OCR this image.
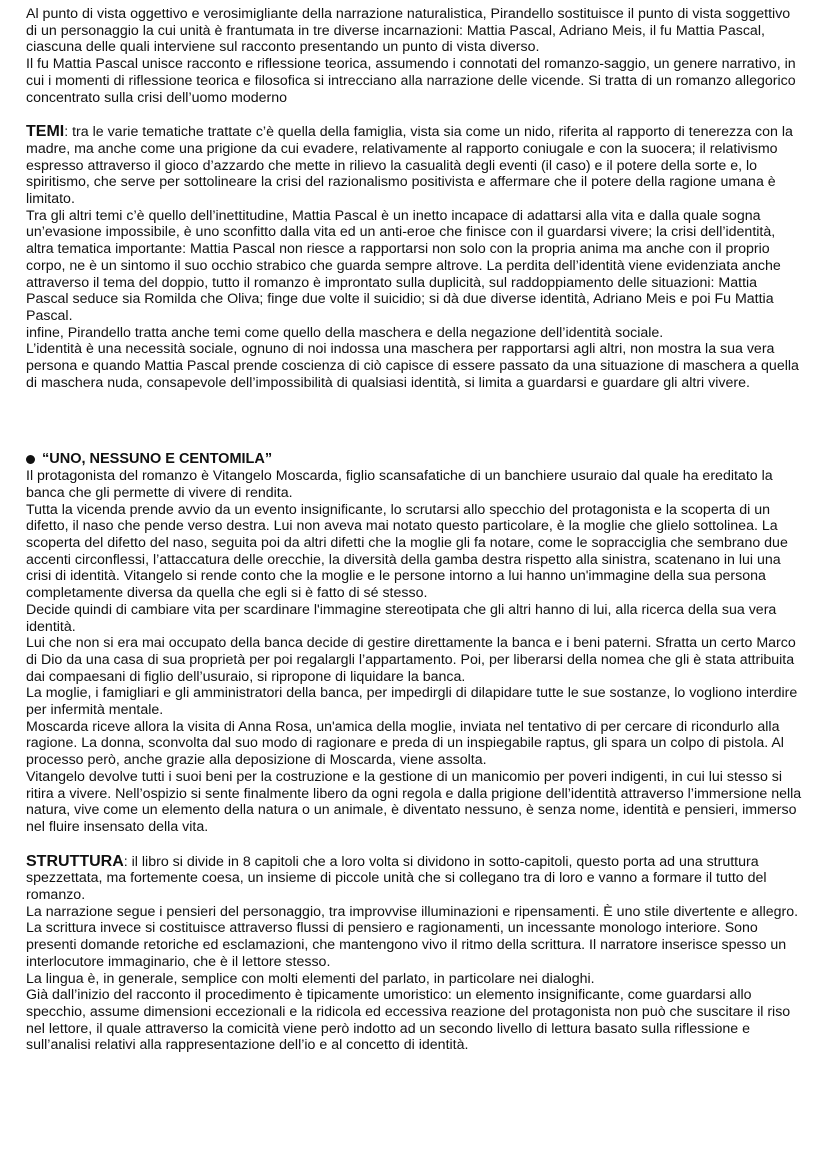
Al punto di vista oggettivo e verosimigliante della narrazione naturalistica, Pirandello sostituisce il punto di vista soggettivo di un personaggio la cui unità è frantumata in tre diverse incarnazioni: Mattia Pascal, Adriano Meis, il fu Mattia Pascal, ciascuna delle quali interviene sul racconto presentando un punto di vista diverso.

Il fu Mattia Pascal unisce racconto e riflessione teorica, assumendo i connotati del romanzo-saggio, un genere narrativo, in cui i momenti di riflessione teorica e filosofica si intrecciano alla narrazione delle vicende. Si tratta di un romanzo allegorico concentrato sulla crisi dell’uomo moderno

TEMI: tra le varie tematiche trattate c’è quella della famiglia, vista sia come un nido, riferita al rapporto di tenerezza con la madre, ma anche come una prigione da cui evadere, relativamente al rapporto coniugale e con la suocera; il relativismo espresso attraverso il gioco d’azzardo che mette in rilievo la casualità degli eventi (il caso) e il potere della sorte e, lo spiritismo, che serve per sottolineare la crisi del razionalismo positivista e affermare che il potere della ragione umana è limitato.

Tra gli altri temi c’è quello dell’inettitudine, Mattia Pascal è un inetto incapace di adattarsi alla vita e dalla quale sogna un’evasione impossibile, è uno sconfitto dalla vita ed un anti-eroe che finisce con il guardarsi vivere; la crisi dell’identità, altra tematica importante: Mattia Pascal non riesce a rapportarsi non solo con la propria anima ma anche con il proprio corpo, ne è un sintomo il suo occhio strabico che guarda sempre altrove. La perdita dell’identità viene evidenziata anche attraverso il tema del doppio, tutto il romanzo è improntato sulla duplicità, sul raddoppiamento delle situazioni: Mattia Pascal seduce sia Romilda che Oliva; finge due volte il suicidio; si dà due diverse identità, Adriano Meis e poi Fu Mattia Pascal.

infine, Pirandello tratta anche temi come quello della maschera e della negazione dell’identità sociale.

L’identità è una necessità sociale, ognuno di noi indossa una maschera per rapportarsi agli altri, non mostra la sua vera persona e quando Mattia Pascal prende coscienza di ciò capisce di essere passato da una situazione di maschera a quella di maschera nuda, consapevole dell’impossibilità di qualsiasi identità, si limita a guardarsi e guardare gli altri vivere.

“UNO, NESSUNO E CENTOMILA”

Il protagonista del romanzo è Vitangelo Moscarda, figlio scansafatiche di un banchiere usuraio dal quale ha ereditato la banca che gli permette di vivere di rendita.

Tutta la vicenda prende avvio da un evento insignificante, lo scrutarsi allo specchio del protagonista e la scoperta di un difetto, il naso che pende verso destra. Lui non aveva mai notato questo particolare, è la moglie che glielo sottolinea. La scoperta del difetto del naso, seguita poi da altri difetti che la moglie gli fa notare, come le sopracciglia che sembrano due accenti circonflessi, l’attaccatura delle orecchie, la diversità della gamba destra rispetto alla sinistra, scatenano in lui una crisi di identità. Vitangelo si rende conto che la moglie e le persone intorno a lui hanno un'immagine della sua persona completamente diversa da quella che egli si è fatto di sé stesso.

Decide quindi di cambiare vita per scardinare l'immagine stereotipata che gli altri hanno di lui, alla ricerca della sua vera identità.

Lui che non si era mai occupato della banca decide di gestire direttamente la banca e i beni paterni. Sfratta un certo Marco di Dio da una casa di sua proprietà per poi regalargli l’appartamento. Poi, per liberarsi della nomea che gli è stata attribuita dai compaesani di figlio dell’usuraio, si ripropone di liquidare la banca.

La moglie, i famigliari e gli amministratori della banca, per impedirgli di dilapidare tutte le sue sostanze, lo vogliono interdire per infermità mentale.

Moscarda riceve allora la visita di Anna Rosa, un'amica della moglie, inviata nel tentativo di per cercare di ricondurlo alla ragione. La donna, sconvolta dal suo modo di ragionare e preda di un inspiegabile raptus, gli spara un colpo di pistola. Al processo però, anche grazie alla deposizione di Moscarda, viene assolta.

Vitangelo devolve tutti i suoi beni per la costruzione e la gestione di un manicomio per poveri indigenti, in cui lui stesso si ritira a vivere. Nell’ospizio si sente finalmente libero da ogni regola e dalla prigione dell’identità attraverso l’immersione nella natura, vive come un elemento della natura o un animale, è diventato nessuno, è senza nome, identità e pensieri, immerso nel fluire insensato della vita.

STRUTTURA: il libro si divide in 8 capitoli che a loro volta si dividono in sotto-capitoli, questo porta ad una struttura spezzettata, ma fortemente coesa, un insieme di piccole unità che si collegano tra di loro e vanno a formare il tutto del romanzo.

La narrazione segue i pensieri del personaggio, tra improvvise illuminazioni e ripensamenti. È uno stile divertente e allegro.

La scrittura invece si costituisce attraverso flussi di pensiero e ragionamenti, un incessante monologo interiore. Sono presenti domande retoriche ed esclamazioni, che mantengono vivo il ritmo della scrittura. Il narratore inserisce spesso un interlocutore immaginario, che è il lettore stesso.

La lingua è, in generale, semplice con molti elementi del parlato, in particolare nei dialoghi.

Già dall’inizio del racconto il procedimento è tipicamente umoristico: un elemento insignificante, come guardarsi allo specchio, assume dimensioni eccezionali e la ridicola ed eccessiva reazione del protagonista non può che suscitare il riso nel lettore, il quale attraverso la comicità viene però indotto ad un secondo livello di lettura basato sulla riflessione e sull’analisi relativi alla rappresentazione dell’io e al concetto di identità.
